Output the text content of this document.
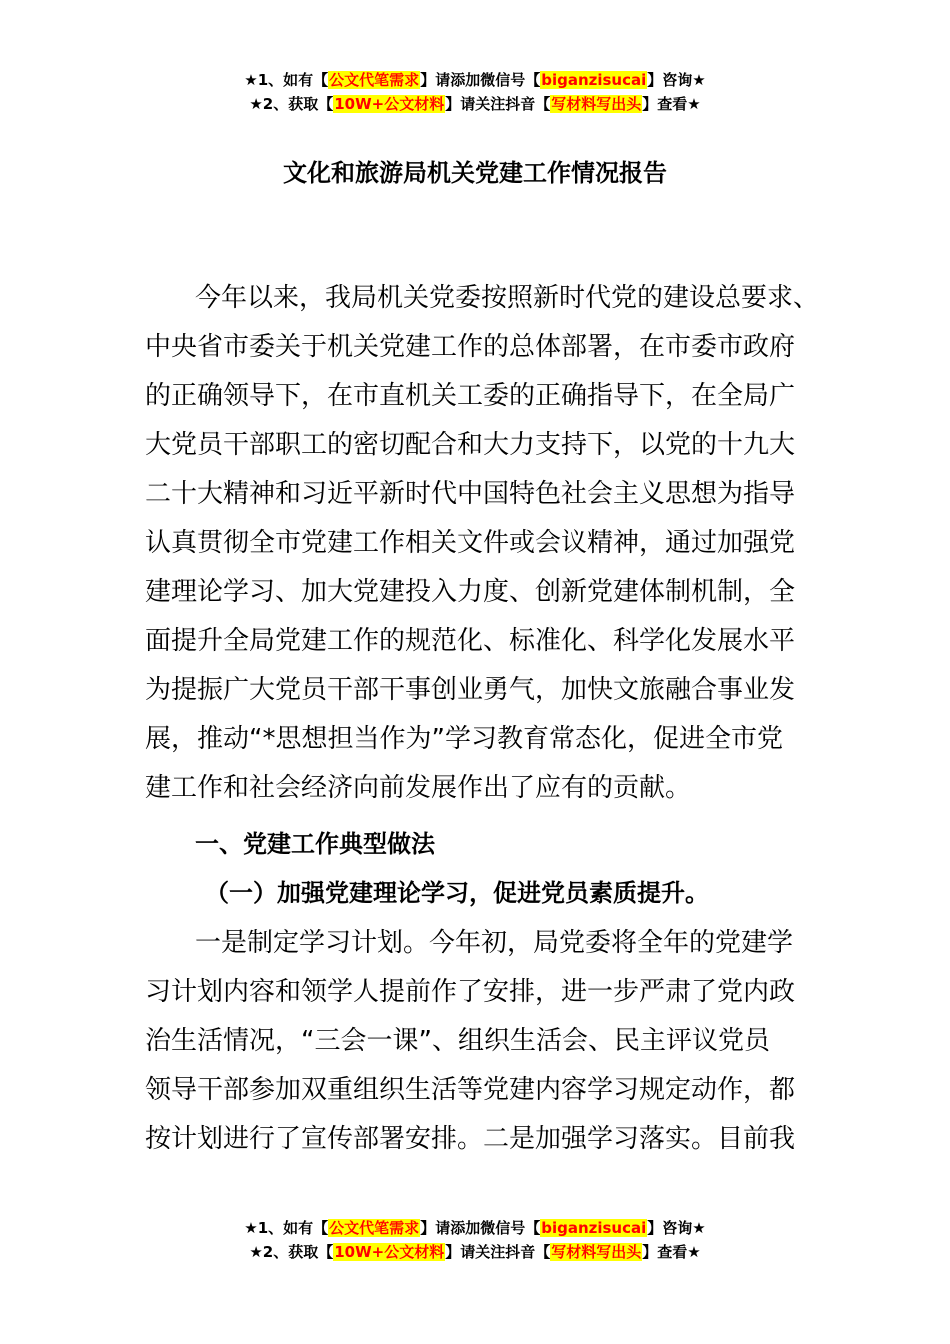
★1、如有【公文代笔需求】请添加微信号【biganzisucai】咨询★
★2、获取【10W+公文材料】请关注抖音【写材料写出头】查看★
文化和旅游局机关党建工作情况报告
今年以来，我局机关党委按照新时代党的建设总要求、
中央省市委关于机关党建工作的总体部署，在市委市政府
的正确领导下，在市直机关工委的正确指导下，在全局广
大党员干部职工的密切配合和大力支持下，以党的十九大
二十大精神和习近平新时代中国特色社会主义思想为指导
认真贯彻全市党建工作相关文件或会议精神，通过加强党
建理论学习、加大党建投入力度、创新党建体制机制，全
面提升全局党建工作的规范化、标准化、科学化发展水平
为提振广大党员干部干事创业勇气，加快文旅融合事业发
展，推动“*思想担当作为”学习教育常态化，促进全市党
建工作和社会经济向前发展作出了应有的贡献。
一、党建工作典型做法
（一）加强党建理论学习，促进党员素质提升。
一是制定学习计划。今年初，局党委将全年的党建学
习计划内容和领学人提前作了安排，进一步严肃了党内政
治生活情况，“三会一课”、组织生活会、民主评议党员
领导干部参加双重组织生活等党建内容学习规定动作，都
按计划进行了宣传部署安排。二是加强学习落实。目前我
★1、如有【公文代笔需求】请添加微信号【biganzisucai】咨询★
★2、获取【10W+公文材料】请关注抖音【写材料写出头】查看★
